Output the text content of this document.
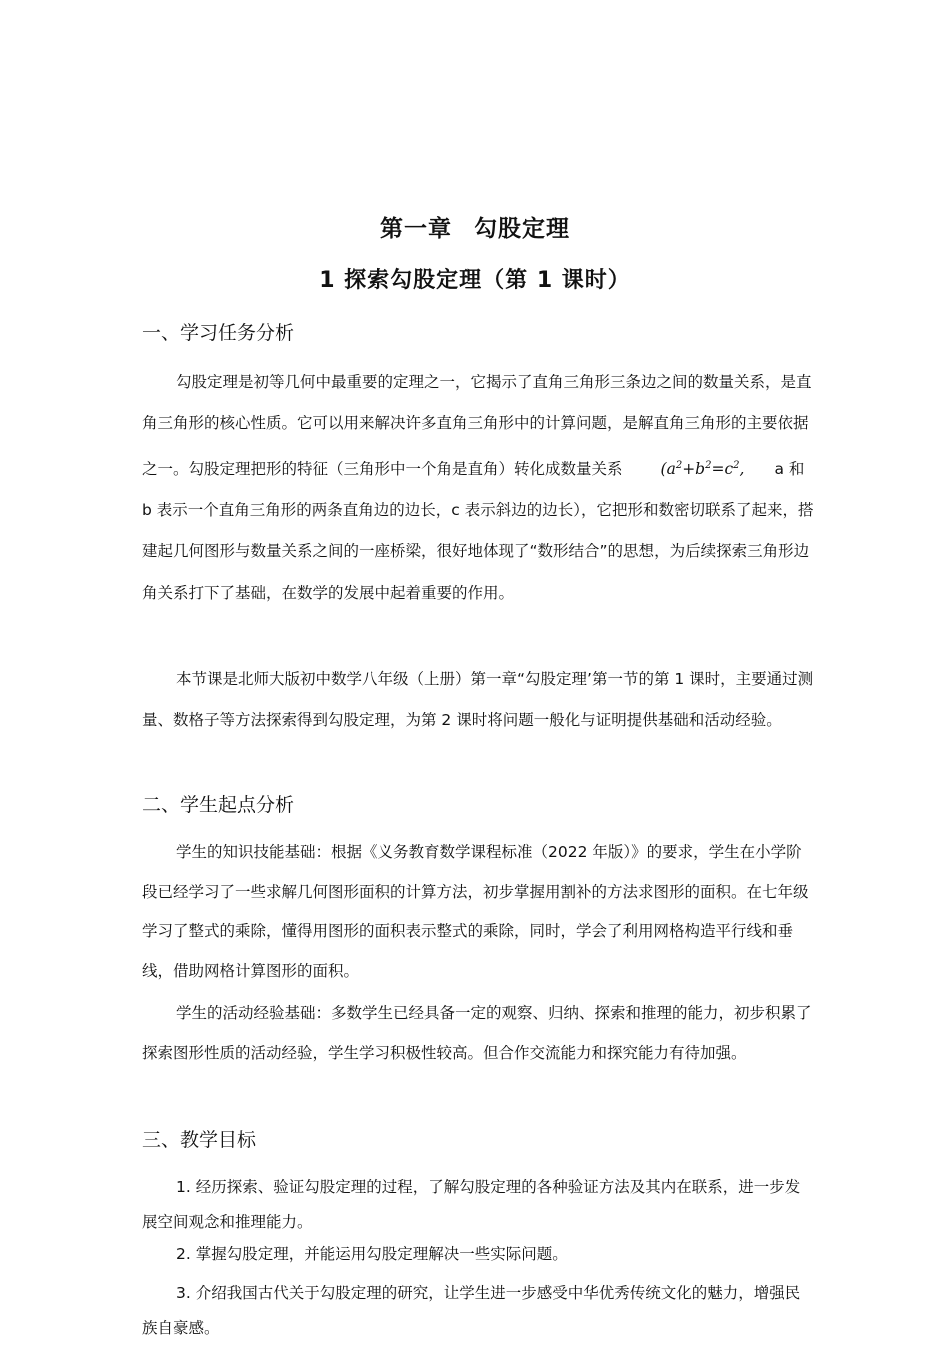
第一章 勾股定理
1 探索勾股定理（第 1 课时）
一、学习任务分析

勾股定理是初等几何中最重要的定理之一，它揭示了直角三角形三条边之间的数量关系，是直角三角形的核心性质。它可以用来解决许多直角三角形中的计算问题，是解直角三角形的主要依据之一。勾股定理把形的特征（三角形中一个角是直角）转化成数量关系 ($a^2+b^2=c^2$, a 和 b 表示一个直角三角形的两条直角边的边长，c 表示斜边的边长），它把形和数密切联系了起来，搭建起几何图形与数量关系之间的一座桥梁，很好地体现了“数形结合”的思想，为后续探索三角形边角关系打下了基础，在数学的发展中起着重要的作用。

本节课是北师大版初中数学八年级（上册）第一章“勾股定理’第一节的第 1 课时，主要通过测量、数格子等方法探索得到勾股定理，为第 2 课时将问题一般化与证明提供基础和活动经验。

二、学生起点分析

学生的知识技能基础：根据《义务教育数学课程标准（2022 年版）》的要求，学生在小学阶段已经学习了一些求解几何图形面积的计算方法，初步掌握用割补的方法求图形的面积。在七年级学习了整式的乘除，懂得用图形的面积表示整式的乘除，同时，学会了利用网格构造平行线和垂线，借助网格计算图形的面积。

学生的活动经验基础：多数学生已经具备一定的观察、归纳、探索和推理的能力，初步积累了探索图形性质的活动经验，学生学习积极性较高。但合作交流能力和探究能力有待加强。

三、教学目标

1. 经历探索、验证勾股定理的过程，了解勾股定理的各种验证方法及其内在联系，进一步发展空间观念和推理能力。

2. 掌握勾股定理，并能运用勾股定理解决一些实际问题。

3. 介绍我国古代关于勾股定理的研究，让学生进一步感受中华优秀传统文化的魅力，增强民族自豪感。
